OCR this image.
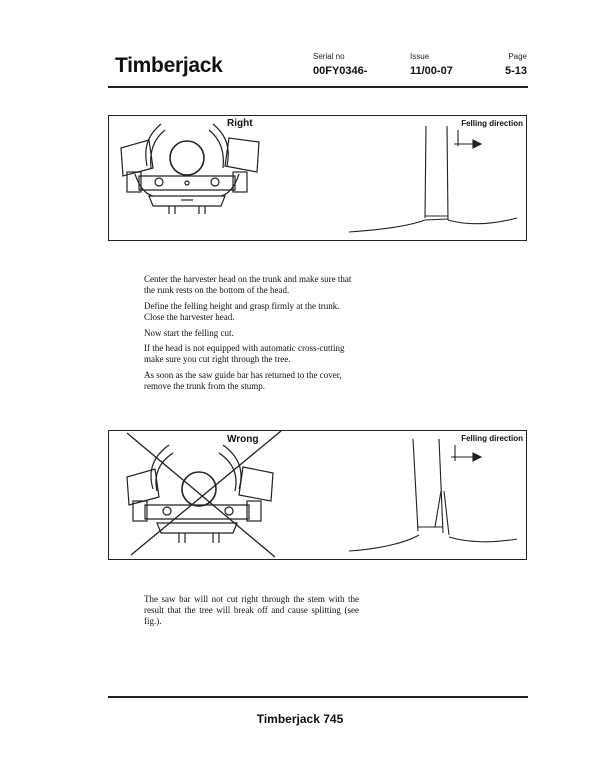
Timberjack	Serial no
00FY0346-
Issue
11/00-07
Page
5-13
Right	Felling direction

Center the harvester head on the trunk and make sure that the runk rests on the bottom of the head.

Define the felling height and grasp firmly at the trunk. Close the harvester head.

Now start the felling cut.

If the head is not equipped with automatic cross-cutting make sure you cut right through the tree.

As soon as the saw guide bar has returned to the cover, remove the trunk from the stump.

Wrong	Felling direction

The saw bar will not cut right through the stem with the result that the tree will break off and cause splitting (see fig.).

Timberjack 745
